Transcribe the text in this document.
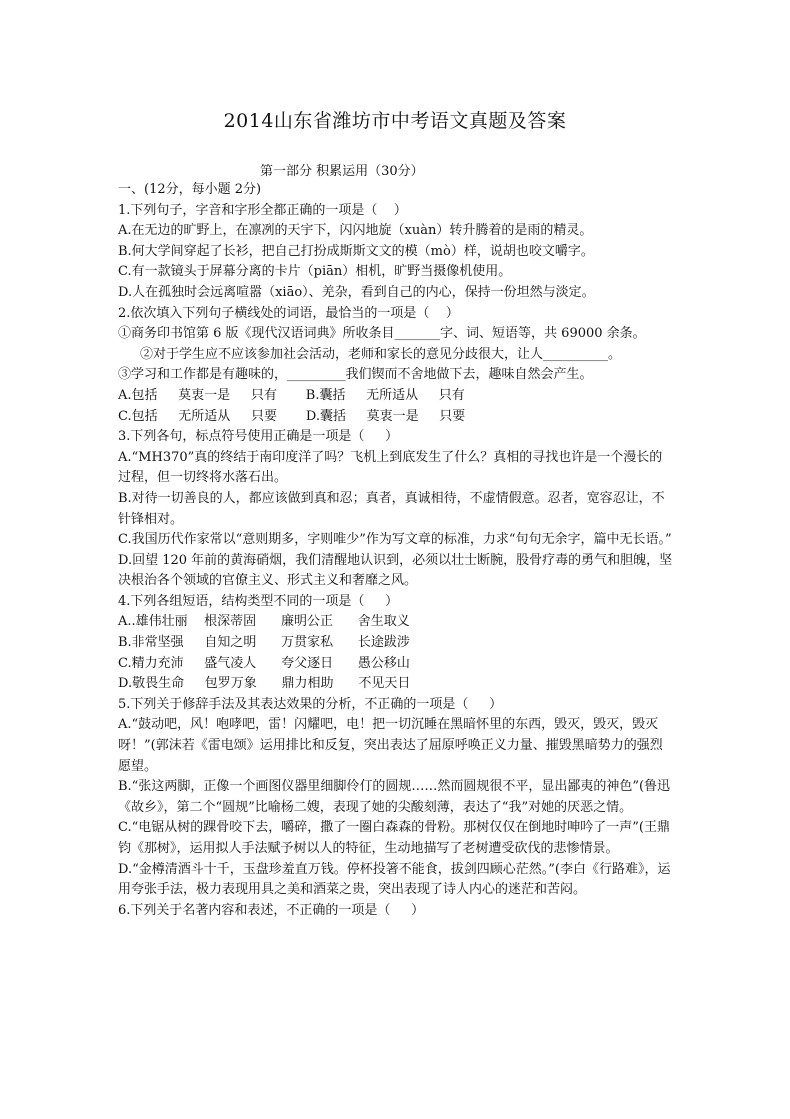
2014山东省潍坊市中考语文真题及答案
第一部分 积累运用（30分）
一、(12分，每小题 2分)
1.下列句子，字音和字形全都正确的一项是（    ）
A.在无边的旷野上，在凛冽的天宇下，闪闪地旋（xuàn）转升腾着的是雨的精灵。
B.何大学间穿起了长衫，把自己打扮成斯斯文文的模（mò）样，说胡也咬文嚼字。
C.有一款镜头于屏幕分离的卡片（piān）相机，旷野当摄像机使用。
D.人在孤独时会远离喧嚣（xiāo）、羌杂，看到自己的内心，保持一份坦然与淡定。
2.依次填入下列句子横线处的词语，最恰当的一项是（    ）
①商务印书馆第 6 版《现代汉语词典》所收条目_______字、词、短语等，共 69000 余条。
②对于学生应不应该参加社会活动，老师和家长的意见分歧很大，让人__________。
③学习和工作都是有趣味的，_________我们锲而不舍地做下去，趣味自然会产生。
A.包括     莫衷一是     只有       B.囊括     无所适从     只有
C.包括     无所适从     只要       D.囊括     莫衷一是     只要
3.下列各句，标点符号使用正确是一项是（     ）
A.“MH370”真的终结于南印度洋了吗？飞机上到底发生了什么？真相的寻找也许是一个漫长的过程，但一切终将水落石出。
B.对待一切善良的人，都应该做到真和忍；真者，真诚相待，不虚情假意。忍者，宽容忍让，不针锋相对。
C.我国历代作家常以“意则期多，字则唯少”作为写文章的标准，力求“句句无余字，篇中无长语。”
D.回望 120 年前的黄海硝烟，我们清醒地认识到，必须以壮士断腕，股骨疗毒的勇气和胆魄，坚决根治各个领域的官僚主义、形式主义和奢靡之风。
4.下列各组短语，结构类型不同的一项是（     ）
A..雄伟壮丽    根深蒂固      廉明公正      舍生取义
B.非常坚强     自知之明      万贯家私      长途跋涉
C.精力充沛     盛气凌人      夸父逐日      愚公移山
D.敬畏生命     包罗万象      鼎力相助      不见天日
5.下列关于修辞手法及其表达效果的分析，不正确的一项是（     ）
A.“鼓动吧，风！咆哮吧，雷！闪耀吧，电！把一切沉睡在黑暗怀里的东西，毁灭，毁灭，毁灭呀！”(郭沫若《雷电颂》运用排比和反复，突出表达了屈原呼唤正义力量、摧毁黑暗势力的强烈愿望。
B.“张这两脚，正像一个画图仪器里细脚伶仃的圆规……然而圆规很不平，显出鄙夷的神色”(鲁迅《故乡》，第二个“圆规”比喻杨二嫂，表现了她的尖酸刻薄，表达了“我”对她的厌恶之情。
C.“电锯从树的踝骨咬下去，嚼碎，撒了一圈白森森的骨粉。那树仅仅在倒地时呻吟了一声”(王鼎钧《那树》，运用拟人手法赋予树以人的特征，生动地描写了老树遭受砍伐的悲惨情景。
D.“金樽清酒斗十千，玉盘珍羞直万钱。停杯投箸不能食，拔剑四顾心茫然。”(李白《行路难》，运用夸张手法，极力表现用具之美和酒菜之贵，突出表现了诗人内心的迷茫和苦闷。
6.下列关于名著内容和表述，不正确的一项是（     ）
